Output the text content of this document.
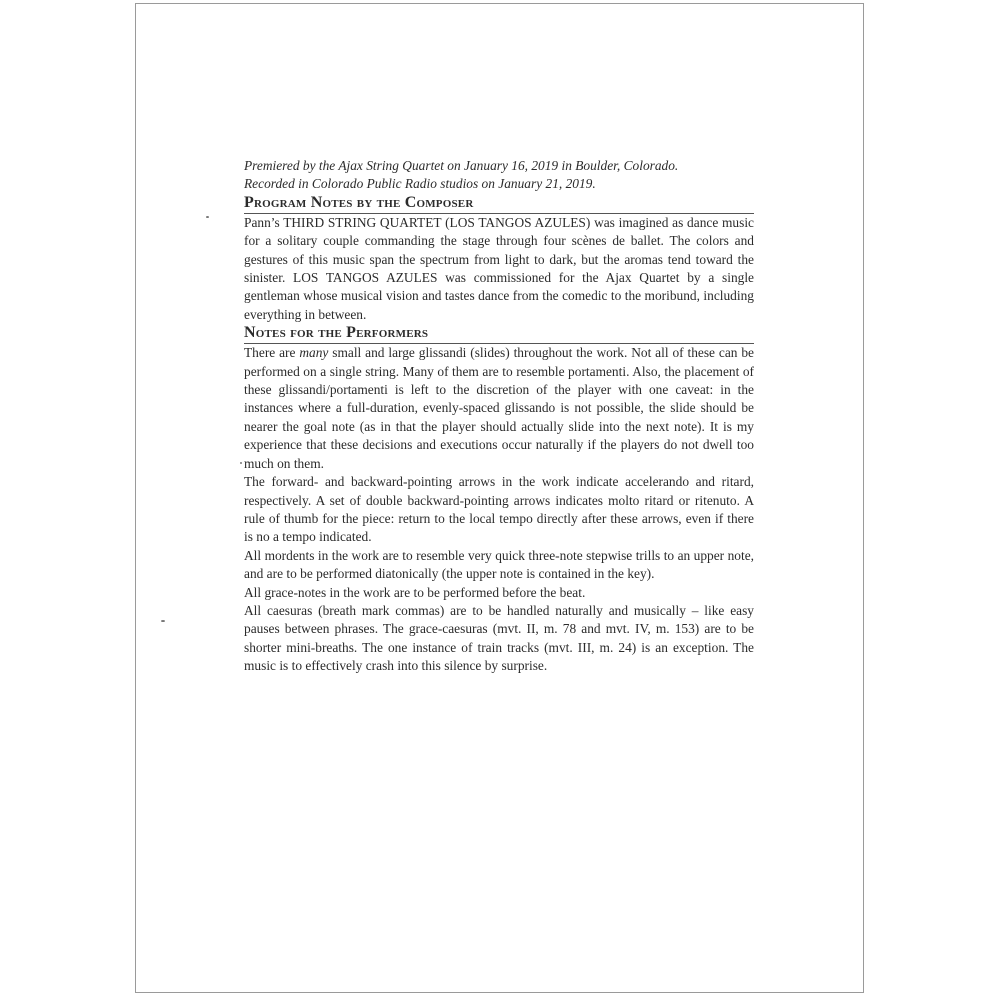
Premiered by the Ajax String Quartet on January 16, 2019 in Boulder, Colorado.
Recorded in Colorado Public Radio studios on January 21, 2019.

Program Notes by the Composer

Pann’s THIRD STRING QUARTET (LOS TANGOS AZULES) was imagined as dance music for a solitary couple commanding the stage through four scènes de ballet. The colors and gestures of this music span the spectrum from light to dark, but the aromas tend toward the sinister. LOS TANGOS AZULES was commissioned for the Ajax Quartet by a single gentleman whose musical vision and tastes dance from the comedic to the moribund, including everything in between.

Notes for the Performers

There are many small and large glissandi (slides) throughout the work. Not all of these can be performed on a single string. Many of them are to resemble portamenti. Also, the placement of these glissandi/portamenti is left to the discretion of the player with one caveat: in the instances where a full-duration, evenly-spaced glissando is not possible, the slide should be nearer the goal note (as in that the player should actually slide into the next note). It is my experience that these decisions and executions occur naturally if the players do not dwell too much on them.

The forward- and backward-pointing arrows in the work indicate accelerando and ritard, respectively. A set of double backward-pointing arrows indicates molto ritard or ritenuto. A rule of thumb for the piece: return to the local tempo directly after these arrows, even if there is no a tempo indicated.

All mordents in the work are to resemble very quick three-note stepwise trills to an upper note, and are to be performed diatonically (the upper note is contained in the key).

All grace-notes in the work are to be performed before the beat.

All caesuras (breath mark commas) are to be handled naturally and musically – like easy pauses between phrases. The grace-caesuras (mvt. II, m. 78 and mvt. IV, m. 153) are to be shorter mini-breaths. The one instance of train tracks (mvt. III, m. 24) is an exception. The music is to effectively crash into this silence by surprise.
